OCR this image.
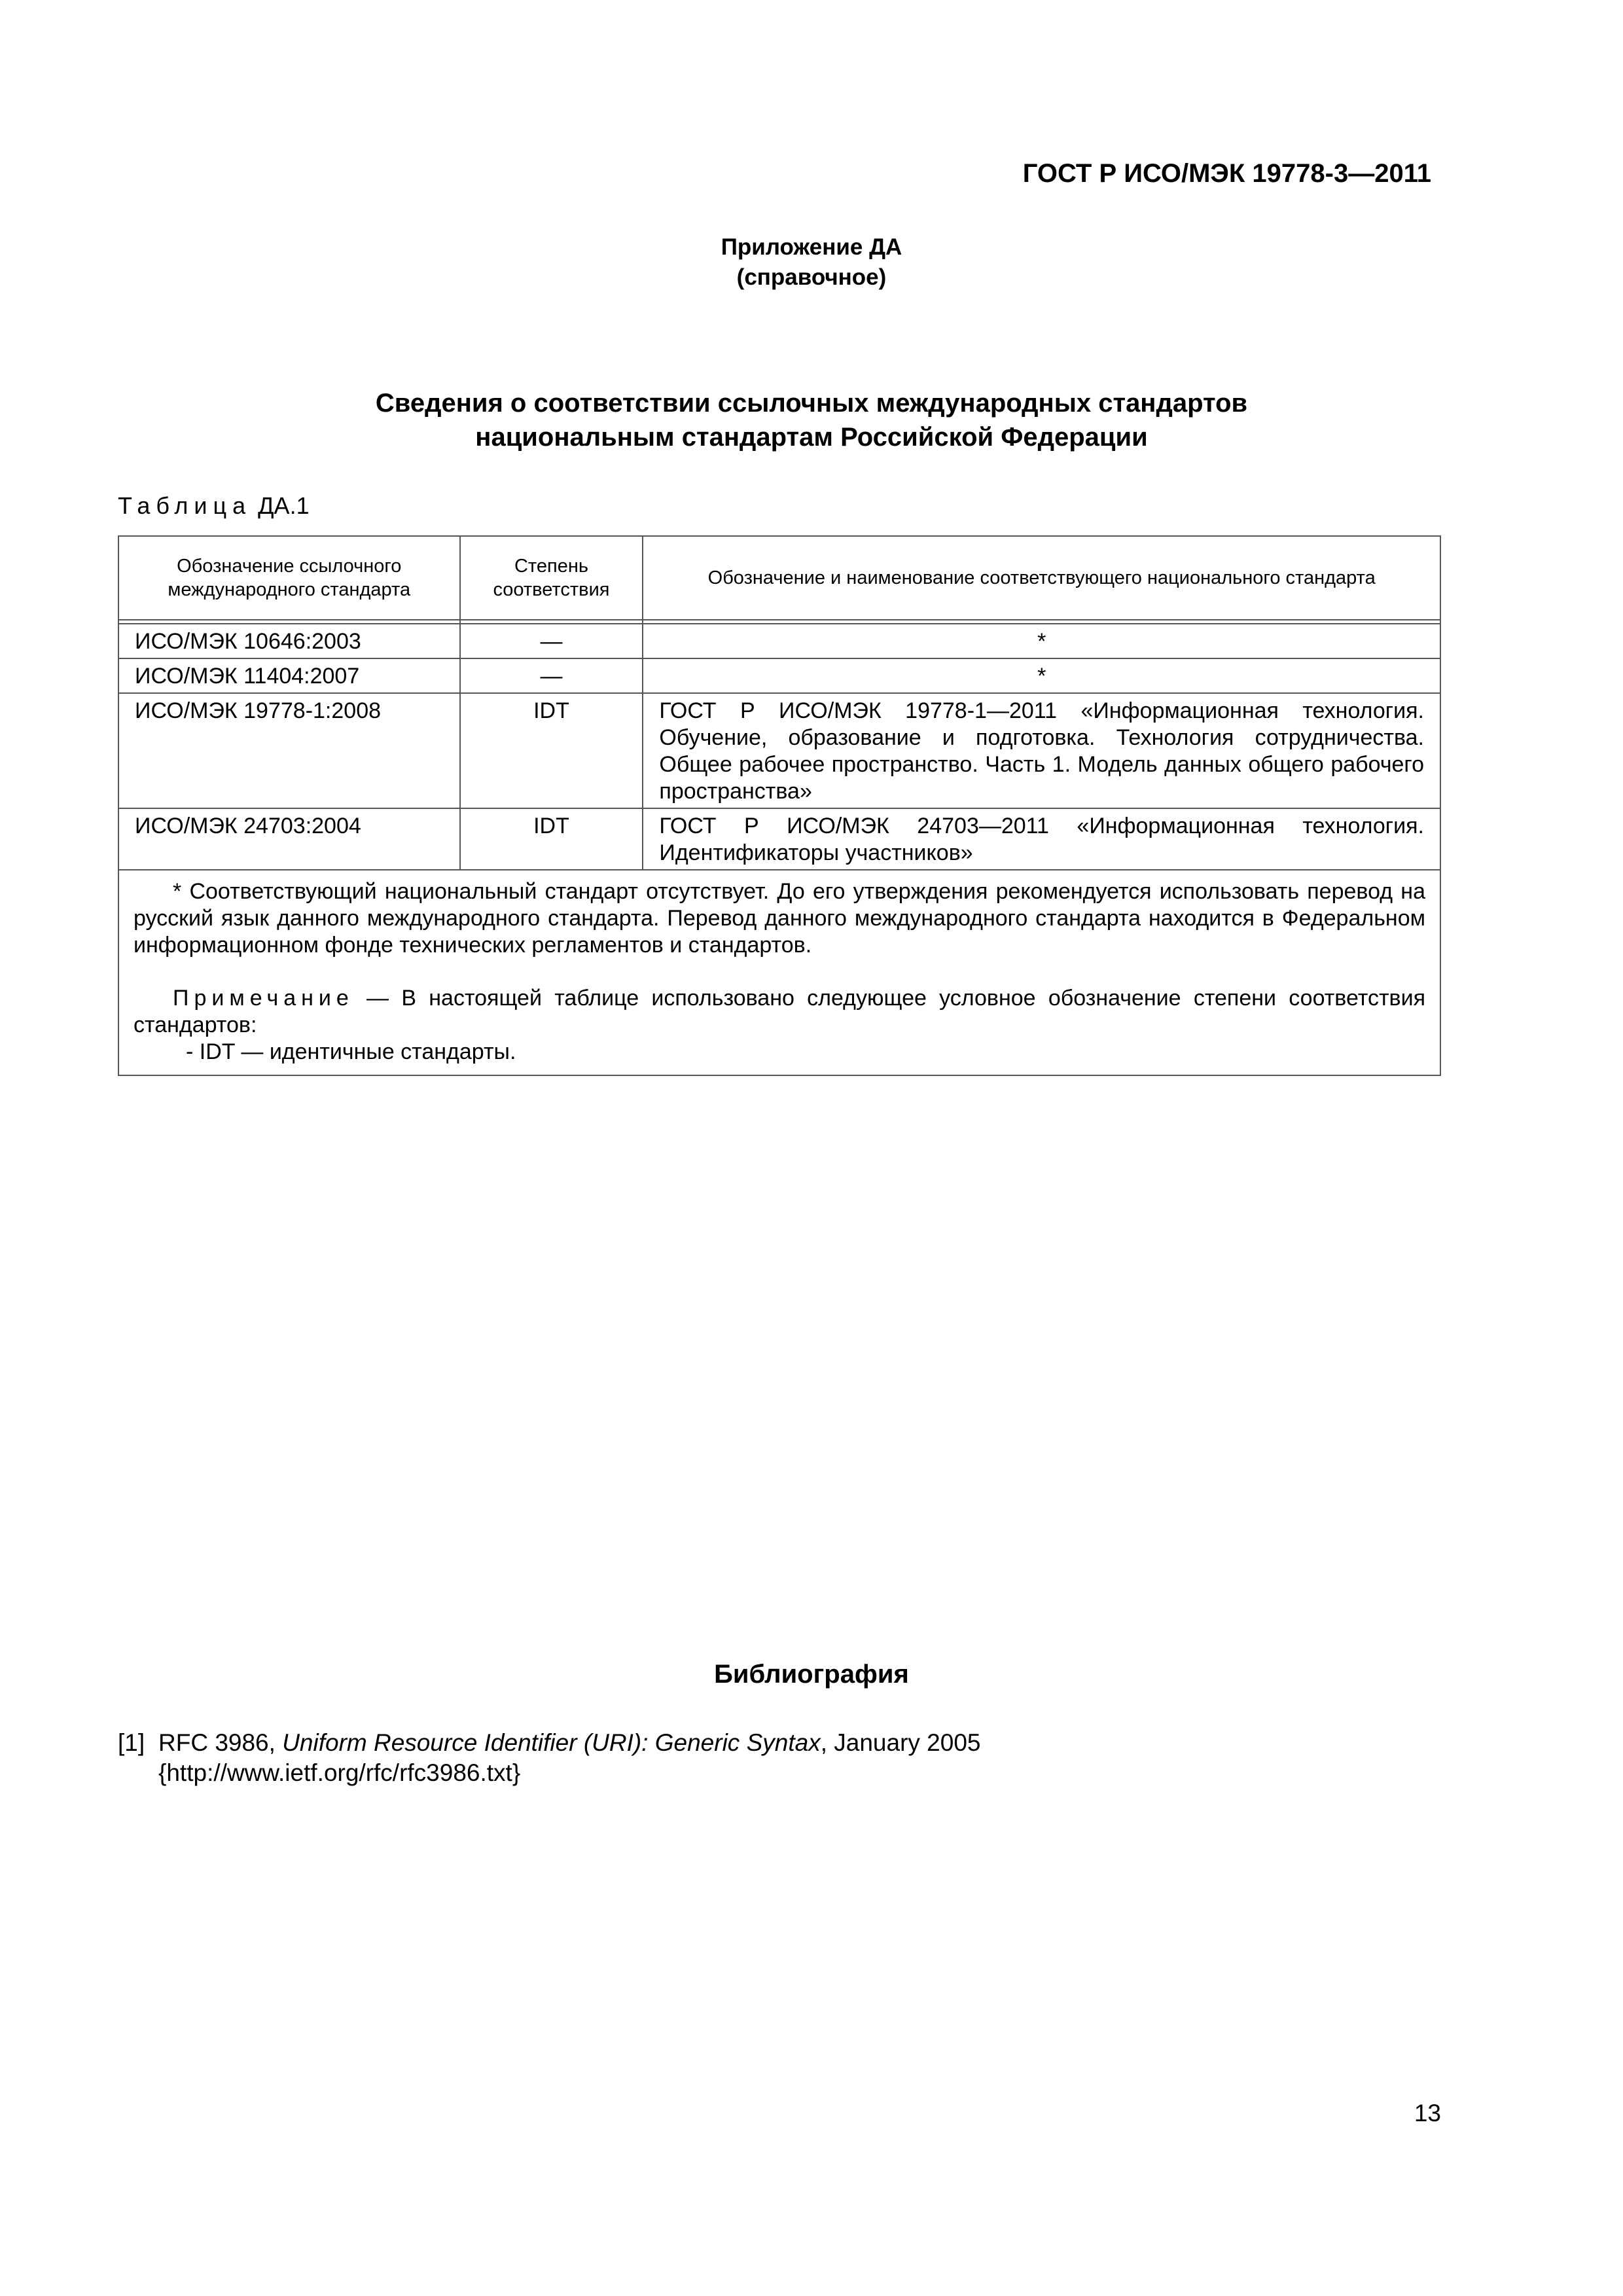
ГОСТ Р ИСО/МЭК 19778-3—2011
Приложение ДА
(справочное)
Сведения о соответствии ссылочных международных стандартов
национальным стандартам Российской Федерации
Таблица ДА.1
Обозначение ссылочного международного стандарта	Степень соответствия	Обозначение и наименование соответствующего национального стандарта

ИСО/МЭК 10646:2003	—	*
ИСО/МЭК 11404:2007	—	*
ИСО/МЭК 19778-1:2008	IDT	ГОСТ Р ИСО/МЭК 19778-1—2011 «Информационная технология. Обучение, образование и подготовка. Технология сотрудничества. Общее рабочее пространство. Часть 1. Модель данных общего рабочего пространства»
ИСО/МЭК 24703:2004	IDT	ГОСТ Р ИСО/МЭК 24703—2011 «Информационная технология. Идентификаторы участников»

* Соответствующий национальный стандарт отсутствует. До его утверждения рекомендуется использовать перевод на русский язык данного международного стандарта. Перевод данного международного стандарта находится в Федеральном информационном фонде технических регламентов и стандартов.

Примечание — В настоящей таблице использовано следующее условное обозначение степени соответствия стандартов:

- IDT — идентичные стандарты.		

Библиография
[1] RFC 3986, Uniform Resource Identifier (URI): Generic Syntax, January 2005
{http://www.ietf.org/rfc/rfc3986.txt}
13
